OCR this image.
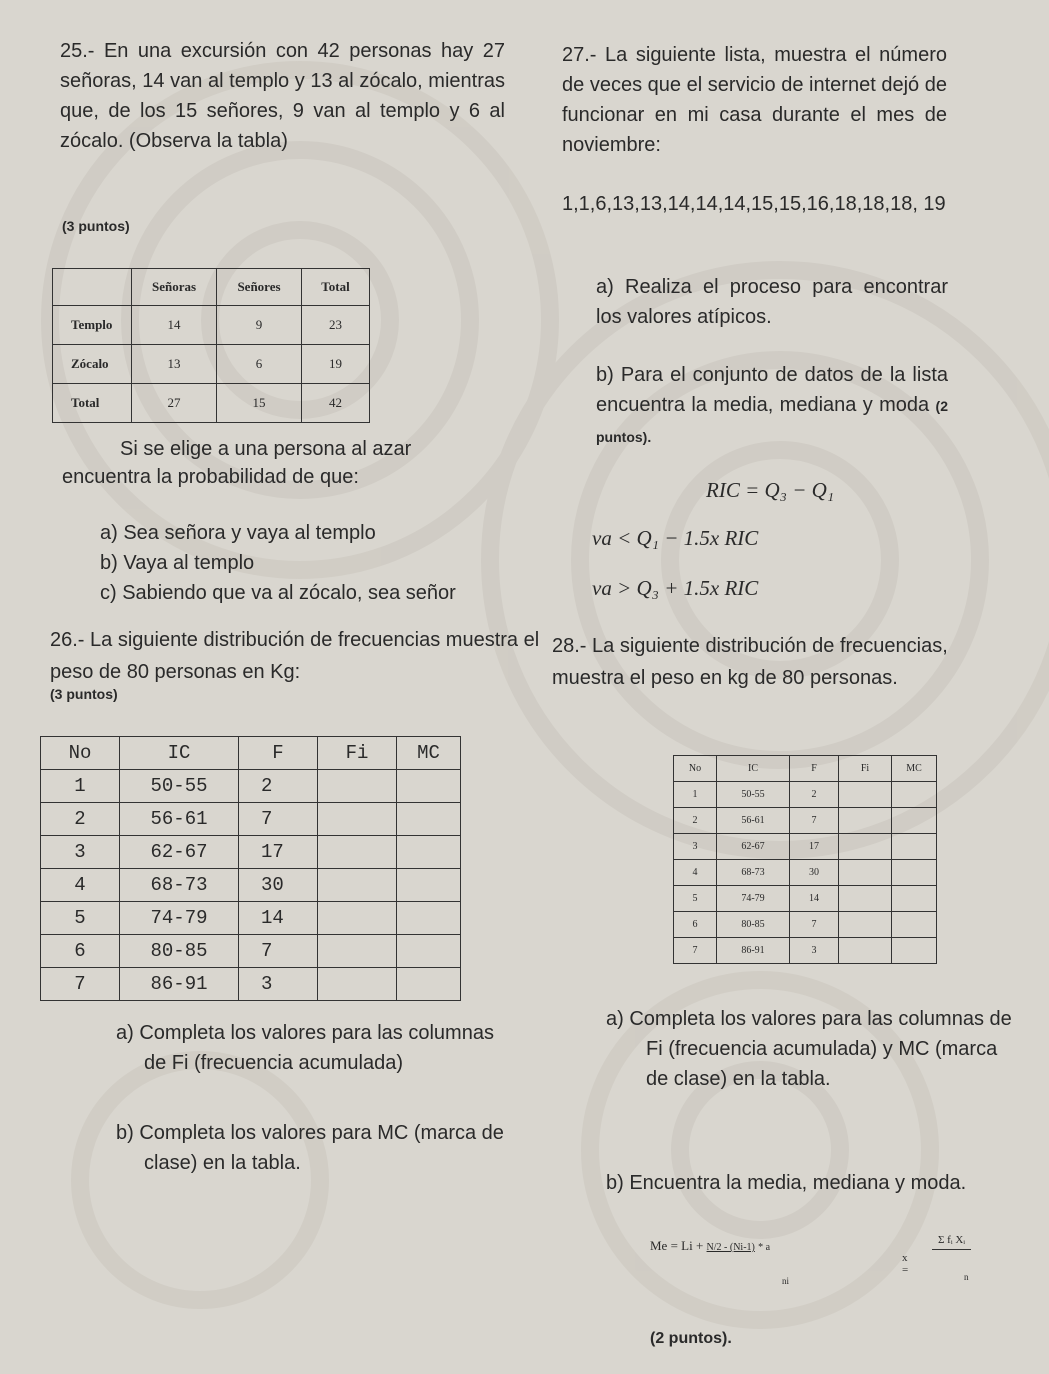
25.- En una excursión con 42 personas hay 27 señoras, 14 van al templo y 13 al zócalo, mientras que, de los 15 señores, 9 van al templo y 6 al zócalo. (Observa la tabla)
(3 puntos)
	Señoras	Señores	Total
Templo	14	9	23
Zócalo	13	6	19
Total	27	15	42
Si se elige a una persona al azar
encuentra la probabilidad de que:
a) Sea señora y vaya al templo
b) Vaya al templo
c) Sabiendo que va al zócalo, sea señor
27.- La siguiente lista, muestra el número de veces que el servicio de internet dejó de funcionar en mi casa durante el mes de noviembre:
1,1,6,13,13,14,14,14,15,15,16,18,18,18, 19
a) Realiza el proceso para encontrar los valores atípicos.
b) Para el conjunto de datos de la lista encuentra la media, mediana y moda (2 puntos).
RIC = Q₃ − Q₁
va < Q₁ − 1.5x RIC
va > Q₃ + 1.5x RIC
26.- La siguiente distribución de frecuencias muestra el peso de 80 personas en Kg:
(3 puntos)
No	IC	F	Fi	MC
1	50-55	2		
2	56-61	7		
3	62-67	17		
4	68-73	30		
5	74-79	14		
6	80-85	7		
7	86-91	3		
a) Completa los valores para las columnas de Fi (frecuencia acumulada)
b) Completa los valores para MC (marca de clase) en la tabla.
28.- La siguiente distribución de frecuencias, muestra el peso en kg de 80 personas.
No	IC	F	Fi	MC
1	50-55	2		
2	56-61	7		
3	62-67	17		
4	68-73	30		
5	74-79	14		
6	80-85	7		
7	86-91	3		
a) Completa los valores para las columnas de Fi (frecuencia acumulada) y MC (marca de clase) en la tabla.
b) Encuentra la media, mediana y moda.
Me = Li + N/2 - (Ni-1) * a
ni
x =
Σ fᵢ Xᵢ
n
(2 puntos).
